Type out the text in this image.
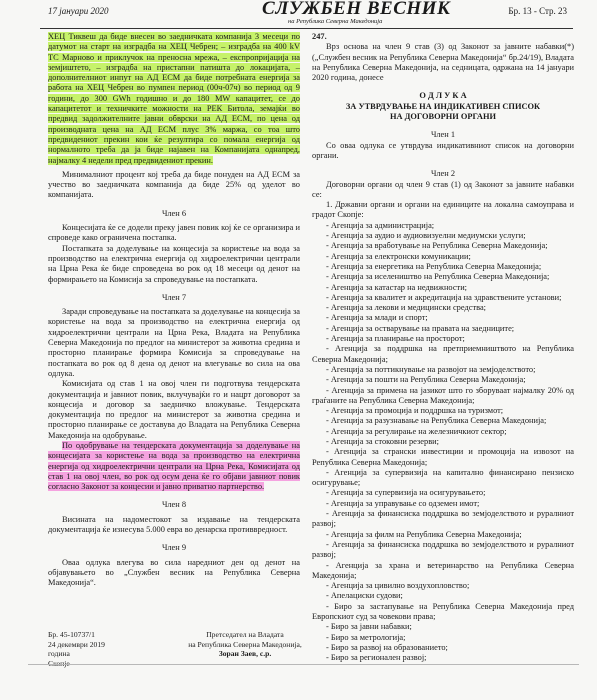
17 јануари 2020	СЛУЖБЕН ВЕСНИК
на Република Северна Македонија
Бр. 13 - Стр. 23

ХЕЦ Тиквеш да биде внесен во заедничката компанија 3 месеци по датумот на старт на изградба на ХЕЦ Чебрен; – изградба на 400 kV ТС Марново и приклучок на преносна мрежа, – експропријација на земјиштето, – изградба на пристапни патишта до локацијата, – дополнителниот инпут на АД ЕСМ да биде потребната енергија за работа на ХЕЦ Чебрен во пумпен период (00ч-07ч) во период од 9 години, до 300 GWh годишно и до 180 MW капацитет, се до капацитетот и техничките можности на РЕК Битола, земајќи во предвид задолжителните јавни обврски на АД ЕСМ, по цена од производната цена на АД ЕСМ плус 3% маржа, со тоа што предвидениот прекин кои ќе резултира со помала енергија од нормалното треба да ја биде најавен на Компанијата однапред, најмалку 4 недели пред предвидениот прекин.

Минималниот процент кој треба да биде понуден на АД ЕСМ за учество во заедничката компанија да биде 25% од уделот во компанијата.

Член 6

Концесијата ќе се додели преку јавен повик кој ќе се организира и спроведе како ограничена постапка.

Постапката за доделување на концесија за користење на вода за производство на електрична енергија од хидроелектрични централи на Црна Река ќе биде спроведена во рок од 18 месеци од денот на формирањето на Комисија за спроведување на постапката.

Член 7

Заради спроведување на постапката за доделување на концесија за користење на вода за производство на електрична енергија од хидроелектрични централи на Црна Река, Владата на Република Северна Македонија по предлог на министерот за животна средина и просторно планирање формира Комисија за спроведување на постапката во рок од 8 дена од денот на влегување во сила на ова одлука.

Комисијата од став 1 на овој член ги подготвува тендерската документација и јавниот повик, вклучувајќи го и нацрт договорот за концесија и договор за заедничко вложување. Тендерската документација по предлог на министерот за животна средина и просторно планирање се доставува до Владата на Република Северна Македонија на одобрување.

По одобрување на тендерската документација за доделување на концесијата за користење на вода за производство на електрична енергија од хидроелектрични централи на Црна Река, Комисијата од став 1 на овој член, во рок од осум дена ќе го објави јавниот повик согласно Законот за концесии и јавно приватно партнерство.

Член 8

Висината на надоместокот за издавање на тендерската документација ќе изнесува 5.000 евра во денарска противвредност.

Член 9

Оваа одлука влегува во сила наредниот ден од денот на објавувањето во „Службен весник на Република Северна Македонија“.

Бр. 45-10737/1
24 декември 2019 година
Скопје
Претседател на Владата
на Република Северна Македонија,
Зоран Заев, с.р.

247.

Врз основа на член 9 став (3) од Законот за јавните набавки(*) („Службен весник на Република Северна Македонија“ бр.24/19), Владата на Република Северна Македонија, на седницата, одржана на 14 јануари 2020 година, донесе

О Д Л У К А

ЗА УТВРДУВАЊЕ НА ИНДИКАТИВЕН СПИСОК

НА ДОГОВОРНИ ОРГАНИ

Член 1

Со оваа одлука се утврдува индикативниот список на договорни органи.

Член 2

Договорни органи од член 9 став (1) од Законот за јавните набавки се:

1. Државни органи и органи на единиците на локална самоуправа и градот Скопје:

- Агенција за администрација;

- Агенција за аудио и аудиовизуелни медиумски услуги;

- Агенција за вработување на Република Северна Македонија;

- Агенција за електронски комуникации;

- Агенција за енергетика на Република Северна Македонија;

- Агенција за иселеништво на Република Северна Македонија;

- Агенција за катастар на недвижности;

- Агенција за квалитет и акредитација на здравствените установи;

- Агенција за лекови и медицински средства;

- Агенција за млади и спорт;

- Агенција за остварување на правата на заедниците;

- Агенција за планирање на просторот;

- Агенција за поддршка на претприемништвото на Република Северна Македонија;

- Агенција за поттикнување на развојот на земјоделството;

- Агенција за пошти на Република Северна Македонија;

- Агенција за примена на јазикот што го зборуваат најмалку 20% од граѓаните на Република Северна Македонија;

- Агенција за промоција и поддршка на туризмот;

- Агенција за разузнавање на Република Северна Македонија;

- Агенција за регулирање на железничкиот сектор;

- Агенција за стоковни резерви;

- Агенција за странски инвестиции и промоција на извозот на Република Северна Македонија;

- Агенција за супервизија на капитално финансирано пензиско осигурување;

- Агенција за супервизија на осигурувањето;

- Агенција за управување со одземен имот;

- Агенција за финансиска поддршка во земјоделството и руралниот развој;

- Агенција за филм на Република Северна Македонија;

- Агенција за финансиска поддршка во земјоделството и руралниот развој;

- Агенција за храна и ветеринарство на Република Северна Македонија;

- Агенција за цивилно воздухопловство;

- Апелациски судови;

- Биро за застапување на Република Северна Македонија пред Европскиот суд за човекови права;

- Биро за јавни набавки;

- Биро за метрологија;

- Биро за развој на образованието;

- Биро за регионален развој;
